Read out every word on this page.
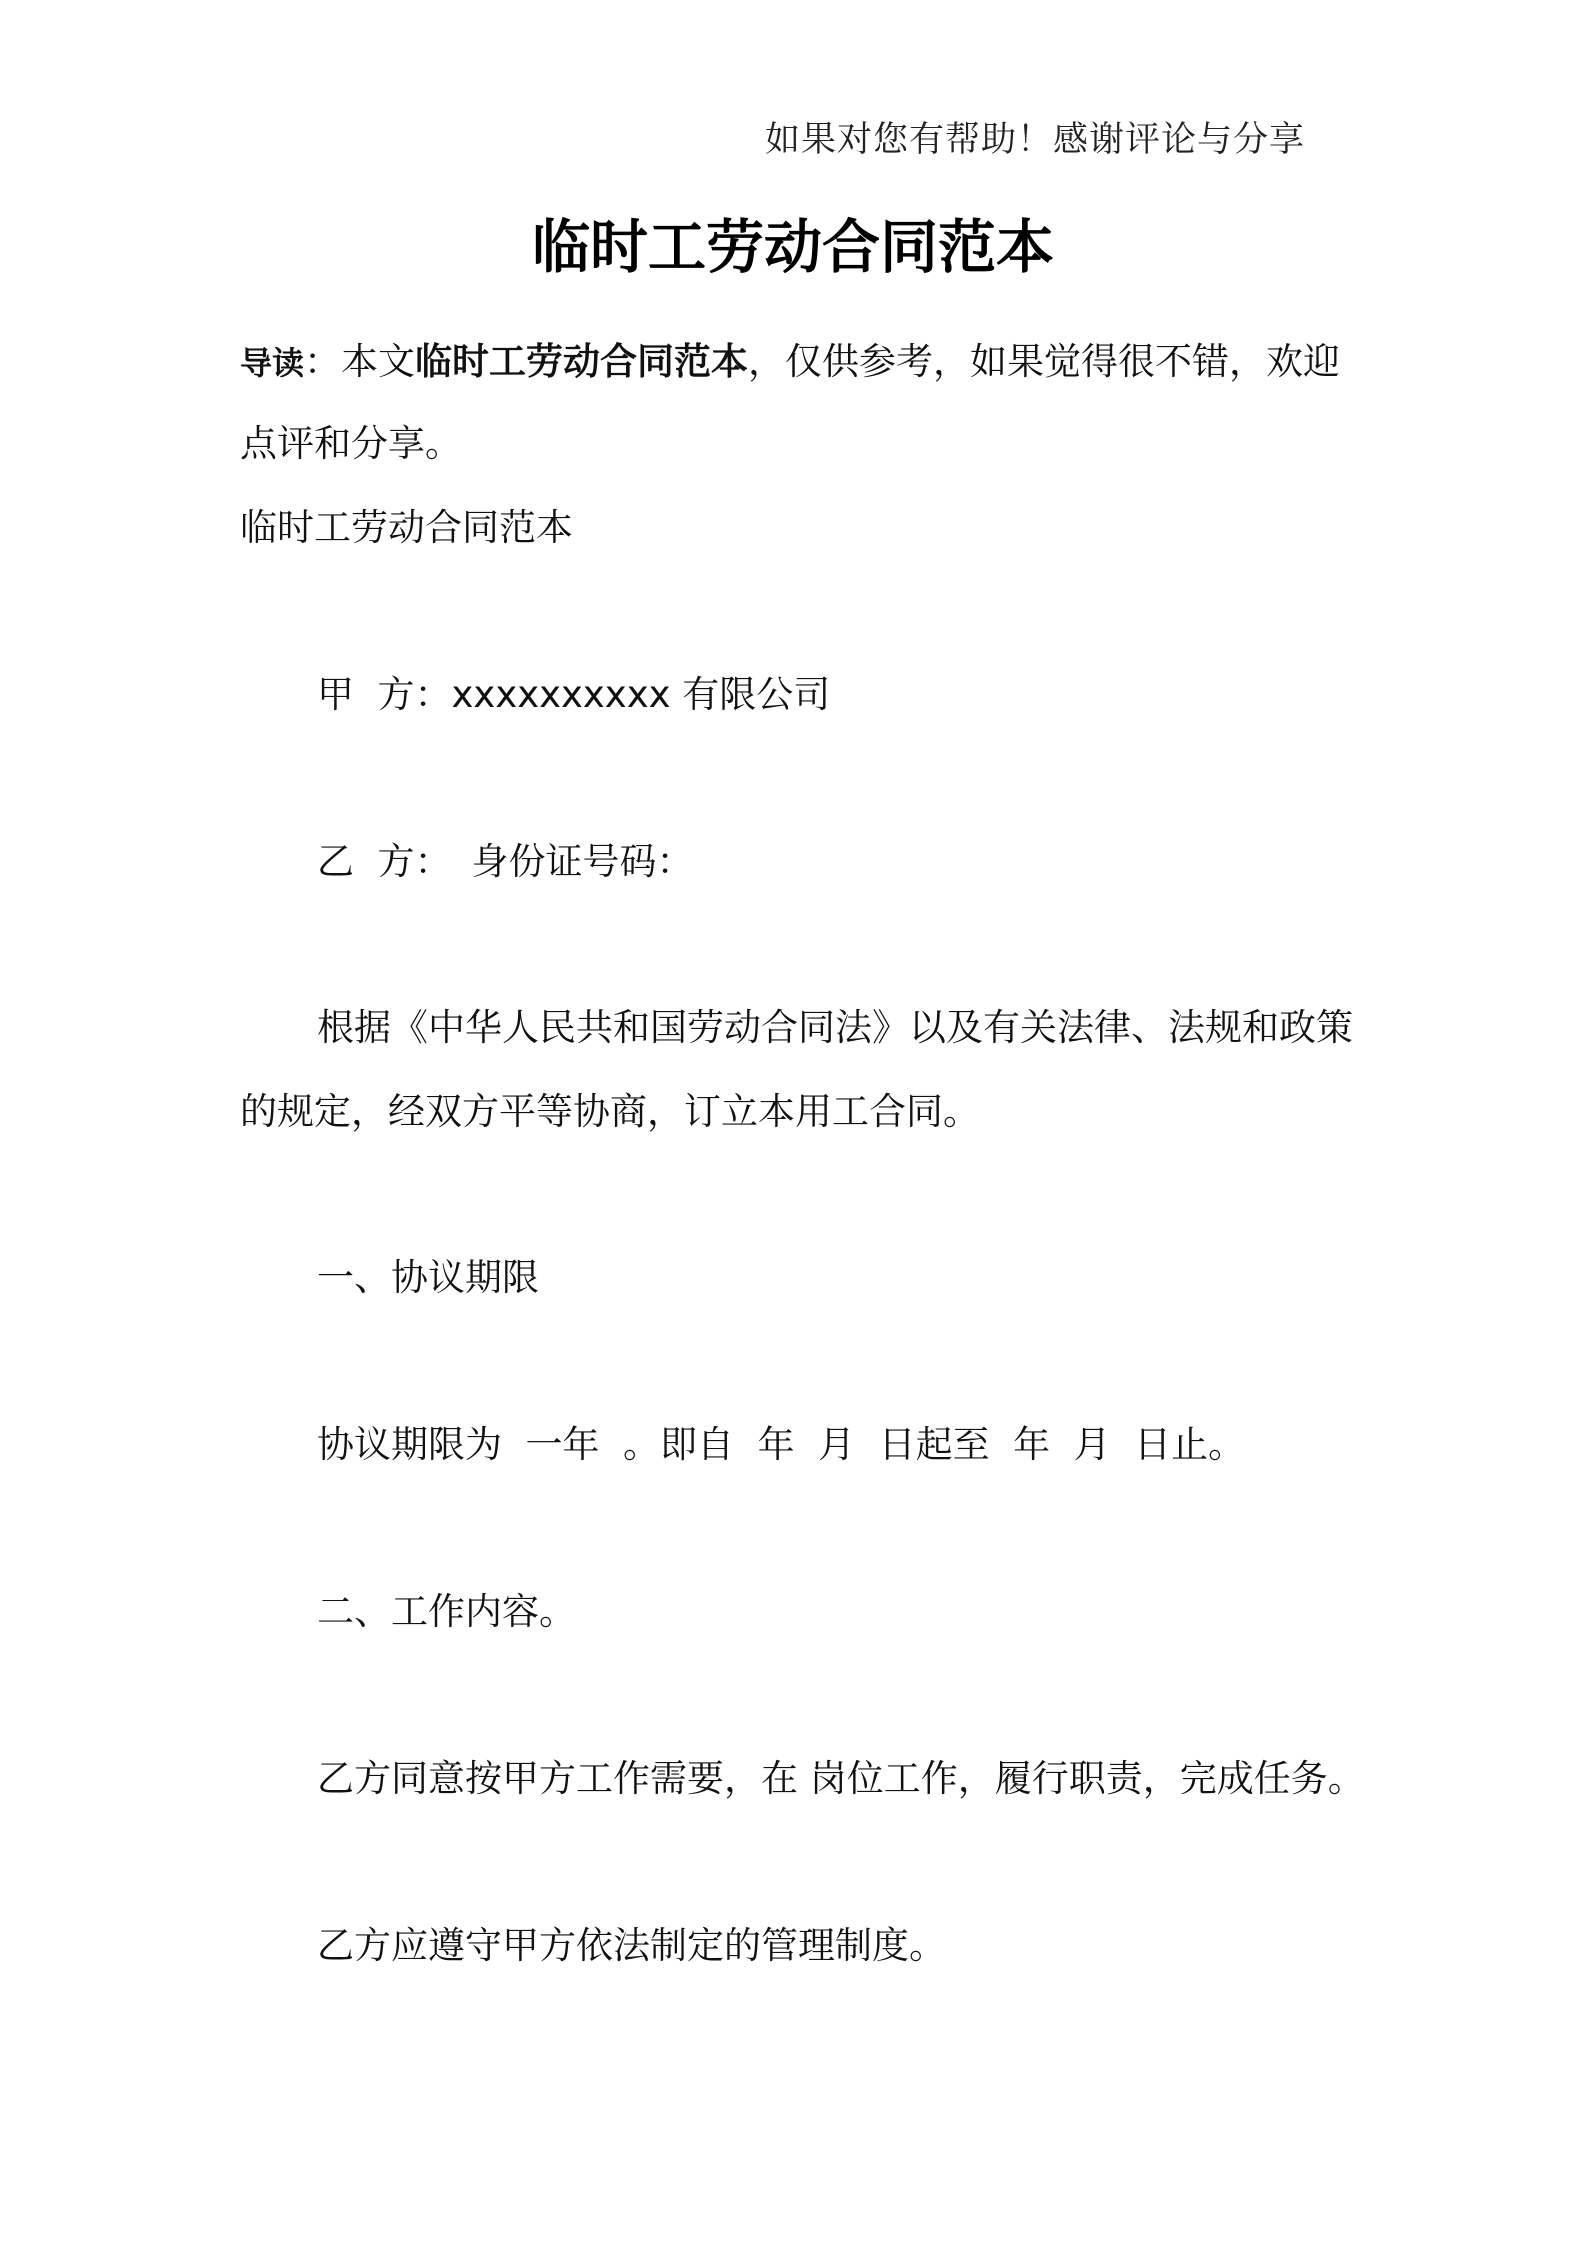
如果对您有帮助！感谢评论与分享
临时工劳动合同范本
导读：本文临时工劳动合同范本，仅供参考，如果觉得很不错，欢迎
点评和分享。
临时工劳动合同范本
甲  方：xxxxxxxxxx 有限公司
乙  方： 身份证号码：
根据《中华人民共和国劳动合同法》以及有关法律、法规和政策
的规定，经双方平等协商，订立本用工合同。
一、协议期限
协议期限为  一年  。即自  年  月  日起至  年  月  日止。
二、工作内容。
乙方同意按甲方工作需要，在 岗位工作，履行职责，完成任务。
乙方应遵守甲方依法制定的管理制度。
